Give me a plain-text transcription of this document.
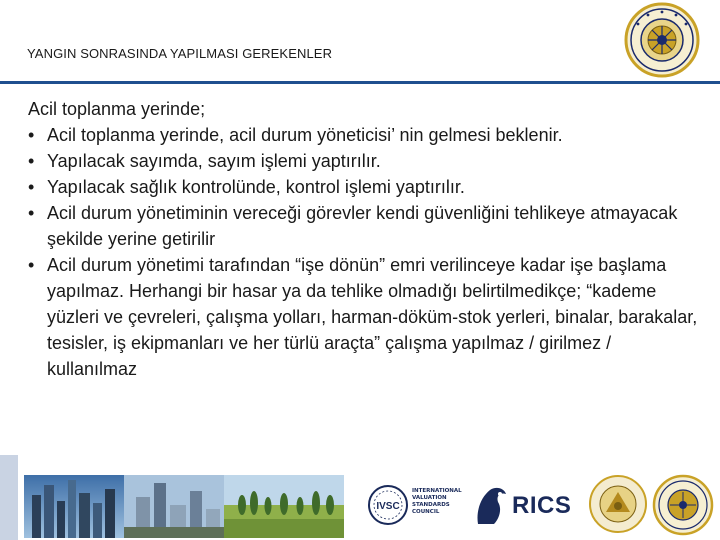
YANGIN SONRASINDA YAPILMASI GEREKENLER

Acil toplanma yerinde;

• Acil toplanma yerinde, acil durum yöneticisi’ nin gelmesi beklenir.
• Yapılacak sayımda, sayım işlemi yaptırılır.
• Yapılacak sağlık kontrolünde, kontrol işlemi yaptırılır.
• Acil durum yönetiminin vereceği görevler kendi güvenliğini tehlikeye atmayacak şekilde yerine getirilir
• Acil durum yönetimi tarafından “işe dönün” emri verilinceye kadar işe başlama yapılmaz. Herhangi bir hasar ya da tehlike olmadığı belirtilmedikçe; “kademe yüzleri ve çevreleri, çalışma yolları, harman-döküm-stok yerleri, binalar, barakalar, tesisler, iş ekipmanları ve her türlü araçta” çalışma yapılmaz / girilmez / kullanılmaz
IVSC
INTERNATIONAL VALUATION STANDARDS COUNCIL	RICS
